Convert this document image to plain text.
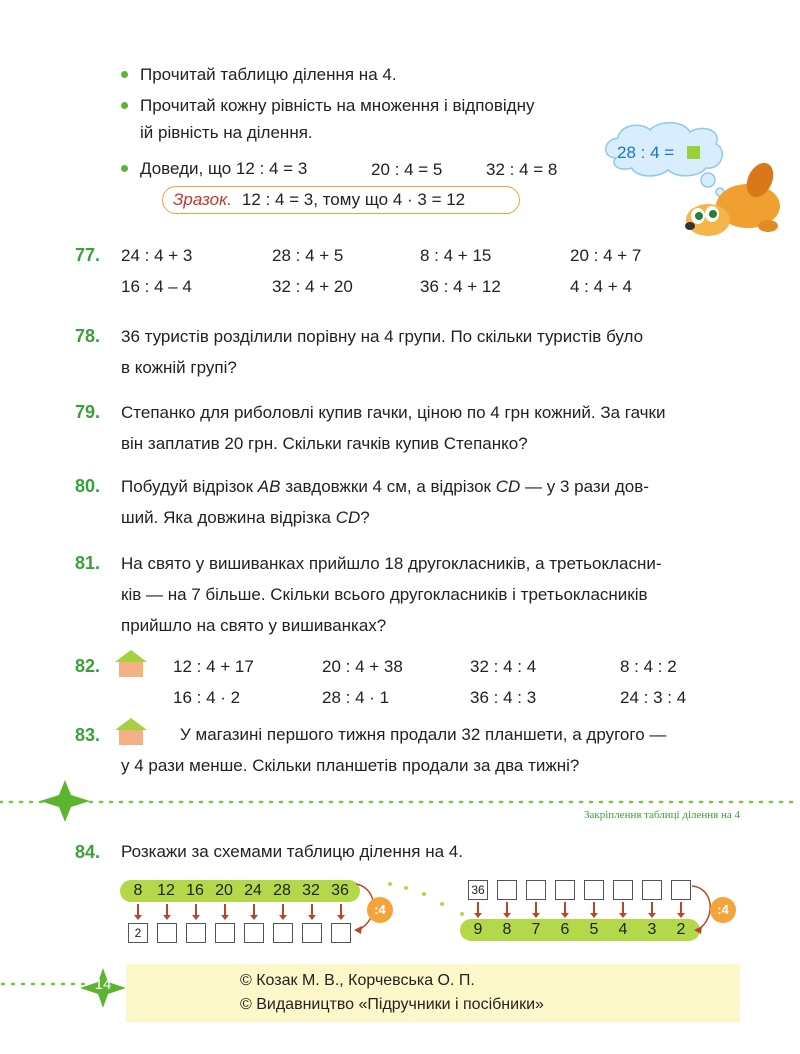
Прочитай таблицю ділення на 4.
Прочитай кожну рівність на множення і відповідну
ій рівність на ділення.
Доведи, що 12 : 4 = 3	20 : 4 = 5	32 : 4 = 8
Зразок. 12 : 4 = 3, тому що 4 · 3 = 12
28 : 4 =
77. 24 : 4 + 3	28 : 4 + 5	8 : 4 + 15	20 : 4 + 7
16 : 4 – 4	32 : 4 + 20	36 : 4 + 12	4 : 4 + 4
78. 36 туристів розділили порівну на 4 групи. По скільки туристів було
в кожній групі?
79. Степанко для риболовлі купив гачки, ціною по 4 грн кожний. За гачки
він заплатив 20 грн. Скільки гачків купив Степанко?
80. Побудуй відрізок AB завдовжки 4 см, а відрізок CD — у 3 рази дов-
ший. Яка довжина відрізка CD?
81. На свято у вишиванках прийшло 18 другокласників, а третьокласни-
ків — на 7 більше. Скільки всього другокласників і третьокласників
прийшло на свято у вишиванках?
82.	12 : 4 + 17	20 : 4 + 38	32 : 4 : 4	8 : 4 : 2
16 : 4 · 2	28 : 4 · 1	36 : 4 : 3	24 : 3 : 4
83.	У магазині першого тижня продали 32 планшети, а другого —
у 4 рази менше. Скільки планшетів продали за два тижні?
Закріплення таблиці ділення на 4
84. Розкажи за схемами таблицю ділення на 4.
8 12 16 20 24 28 32 36
2
:4
36
9	8	7	6	5	4	3	2
:4
14	© Козак М. В., Корчевська О. П.
© Видавництво «Підручники і посібники»
